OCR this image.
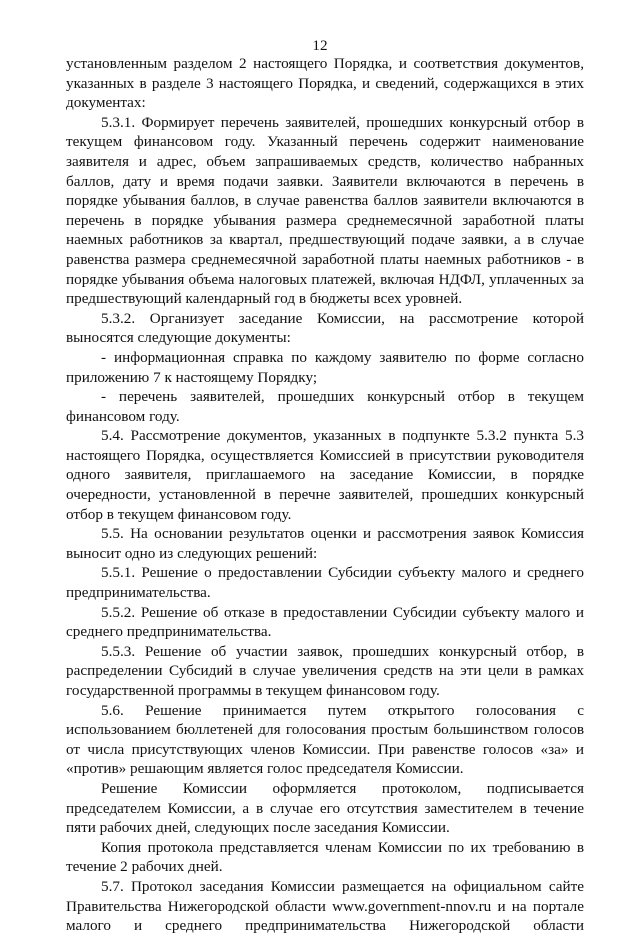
12

установленным разделом 2 настоящего Порядка, и соответствия документов, указанных в разделе 3 настоящего Порядка, и сведений, содержащихся в этих документах:

5.3.1. Формирует перечень заявителей, прошедших конкурсный отбор в текущем финансовом году. Указанный перечень содержит наименование заявителя и адрес, объем запрашиваемых средств, количество набранных баллов, дату и время подачи заявки. Заявители включаются в перечень в порядке убывания баллов, в случае равенства баллов заявители включаются в перечень в порядке убывания размера среднемесячной заработной платы наемных работников за квартал, предшествующий подаче заявки, а в случае равенства размера среднемесячной заработной платы наемных работников - в порядке убывания объема налоговых платежей, включая НДФЛ, уплаченных за предшествующий календарный год в бюджеты всех уровней.

5.3.2. Организует заседание Комиссии, на рассмотрение которой выносятся следующие документы:

- информационная справка по каждому заявителю по форме согласно приложению 7 к настоящему Порядку;

- перечень заявителей, прошедших конкурсный отбор в текущем финансовом году.

5.4. Рассмотрение документов, указанных в подпункте 5.3.2 пункта 5.3 настоящего Порядка, осуществляется Комиссией в присутствии руководителя одного заявителя, приглашаемого на заседание Комиссии, в порядке очередности, установленной в перечне заявителей, прошедших конкурсный отбор в текущем финансовом году.

5.5. На основании результатов оценки и рассмотрения заявок Комиссия выносит одно из следующих решений:

5.5.1. Решение о предоставлении Субсидии субъекту малого и среднего предпринимательства.

5.5.2. Решение об отказе в предоставлении Субсидии субъекту малого и среднего предпринимательства.

5.5.3. Решение об участии заявок, прошедших конкурсный отбор, в распределении Субсидий в случае увеличения средств на эти цели в рамках государственной программы в текущем финансовом году.

5.6. Решение принимается путем открытого голосования с использованием бюллетеней для голосования простым большинством голосов от числа присутствующих членов Комиссии. При равенстве голосов «за» и «против» решающим является голос председателя Комиссии.

Решение Комиссии оформляется протоколом, подписывается председателем Комиссии, а в случае его отсутствия заместителем в течение пяти рабочих дней, следующих после заседания Комиссии.

Копия протокола представляется членам Комиссии по их требованию в течение 2 рабочих дней.

5.7. Протокол заседания Комиссии размещается на официальном сайте Правительства Нижегородской области www.government-nnov.ru и на портале малого и среднего предпринимательства Нижегородской области
